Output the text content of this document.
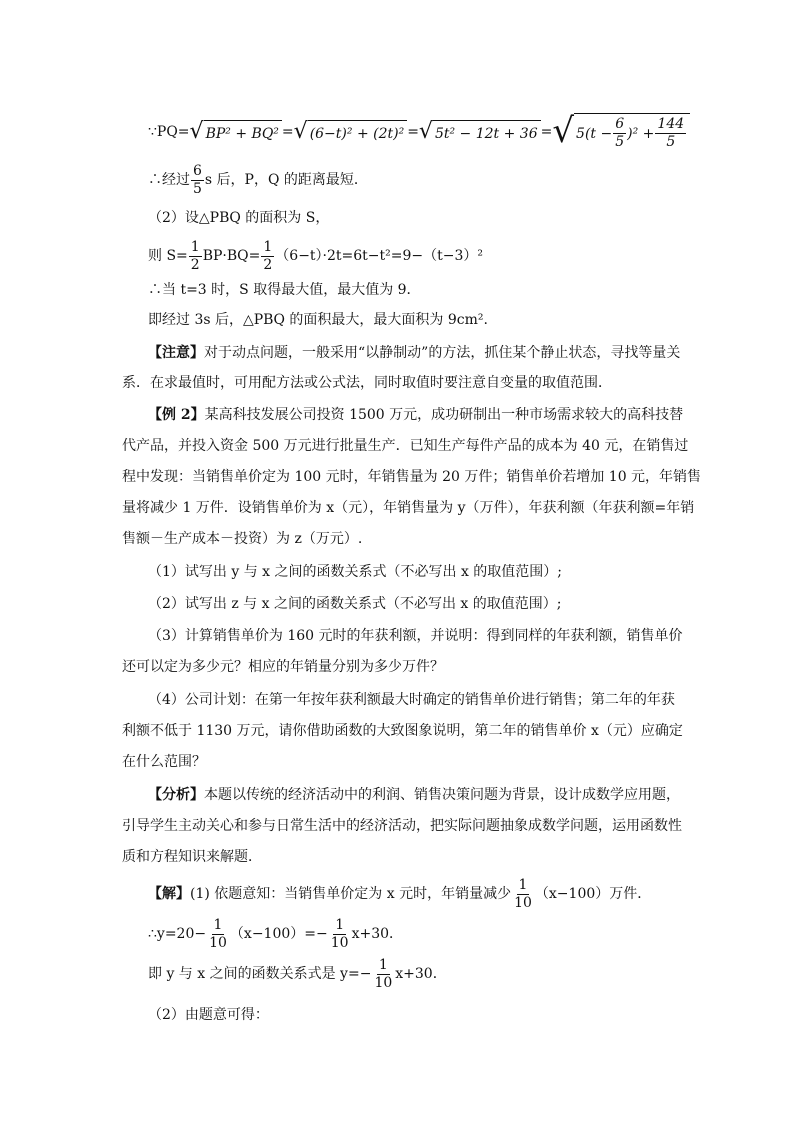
∵PQ= √ BP² + BQ² = √ (6−t)² + (2t)² = √ 5t² − 12t + 36 = √ $5(t - \frac{6}{5} )^2 + \frac{144}{5}$
∴经过 $\frac{6}{5}$ s 后，P，Q 的距离最短．
（2）设△PBQ 的面积为 S，
则 $S= \frac{1}{2} BP\cdot BQ= \frac{1}{2} (6-t)\cdot 2t=6t-t^2=9-(t-3)^2$
∴当 t=3 时，S 取得最大值，最大值为 9．
即经过 3s 后，△PBQ 的面积最大，最大面积为 9cm².
【注意】对于动点问题，一般采用“以静制动”的方法，抓住某个静止状态，寻找等量关
系．在求最值时，可用配方法或公式法，同时取值时要注意自变量的取值范围．
【例 2】某高科技发展公司投资 1500 万元，成功研制出一种市场需求较大的高科技替
代产品，并投入资金 500 万元进行批量生产．已知生产每件产品的成本为 40 元，在销售过
程中发现：当销售单价定为 100 元时，年销售量为 20 万件；销售单价若增加 10 元，年销售
量将减少 1 万件．设销售单价为 x（元），年销售量为 y（万件），年获利额（年获利额=年销
售额－生产成本－投资）为 z（万元）.
（1）试写出 y 与 x 之间的函数关系式（不必写出 x 的取值范围）;
（2）试写出 z 与 x 之间的函数关系式（不必写出 x 的取值范围）;
（3）计算销售单价为 160 元时的年获利额，并说明：得到同样的年获利额，销售单价
还可以定为多少元？相应的年销量分别为多少万件？
（4）公司计划：在第一年按年获利额最大时确定的销售单价进行销售；第二年的年获
利额不低于 1130 万元，请你借助函数的大致图象说明，第二年的销售单价 x（元）应确定
在什么范围？
【分析】本题以传统的经济活动中的利润、销售决策问题为背景，设计成数学应用题，
引导学生主动关心和参与日常生活中的经济活动，把实际问题抽象成数学问题，运用函数性
质和方程知识来解题．
【解】 (1) 依题意知：当销售单价定为 x 元时，年销量减少 $\frac{1}{10} (x-100)$万件．
∴y=20− $\frac{1}{10} (x-100)=- \frac{1}{10} x+30$．
即 y 与 x 之间的函数关系式是 $y=- \frac{1}{10} x+30$．
（2）由题意可得：
